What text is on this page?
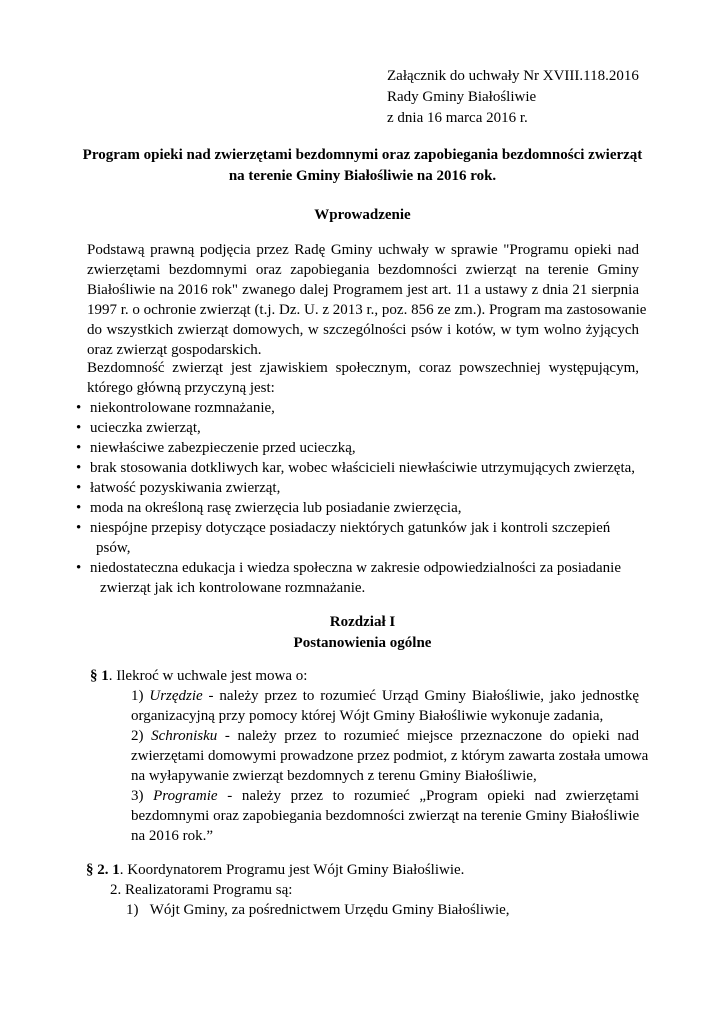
Załącznik do uchwały Nr XVIII.118.2016
Rady Gminy Białośliwie
z dnia 16 marca 2016 r.
Program opieki nad zwierzętami bezdomnymi oraz zapobiegania bezdomności zwierząt
na terenie Gminy Białośliwie na 2016 rok.
Wprowadzenie
Podstawą prawną podjęcia przez Radę Gminy uchwały w sprawie "Programu opieki nad
zwierzętami bezdomnymi oraz zapobiegania bezdomności zwierząt na terenie Gminy
Białośliwie na 2016 rok" zwanego dalej Programem jest art. 11 a ustawy z dnia 21 sierpnia
1997 r. o ochronie zwierząt (t.j. Dz. U. z 2013 r., poz. 856 ze zm.). Program ma zastosowanie
do wszystkich zwierząt domowych, w szczególności psów i kotów, w tym wolno żyjących
oraz zwierząt gospodarskich.
Bezdomność zwierząt jest zjawiskiem społecznym, coraz powszechniej występującym,
którego główną przyczyną jest:
• niekontrolowane rozmnażanie,
• ucieczka zwierząt,
• niewłaściwe zabezpieczenie przed ucieczką,
• brak stosowania dotkliwych kar, wobec właścicieli niewłaściwie utrzymujących zwierzęta,
• łatwość pozyskiwania zwierząt,
• moda na określoną rasę zwierzęcia lub posiadanie zwierzęcia,
• niespójne przepisy dotyczące posiadaczy niektórych gatunków jak i kontroli szczepień
psów,
• niedostateczna edukacja i wiedza społeczna w zakresie odpowiedzialności za posiadanie
zwierząt jak ich kontrolowane rozmnażanie.
Rozdział I
Postanowienia ogólne
§ 1. Ilekroć w uchwale jest mowa o:
1) Urzędzie - należy przez to rozumieć Urząd Gminy Białośliwie, jako jednostkę
organizacyjną przy pomocy której Wójt Gminy Białośliwie wykonuje zadania,
2) Schronisku - należy przez to rozumieć miejsce przeznaczone do opieki nad
zwierzętami domowymi prowadzone przez podmiot, z którym zawarta została umowa
na wyłapywanie zwierząt bezdomnych z terenu Gminy Białośliwie,
3) Programie - należy przez to rozumieć „Program opieki nad zwierzętami
bezdomnymi oraz zapobiegania bezdomności zwierząt na terenie Gminy Białośliwie
na 2016 rok.”
§ 2. 1. Koordynatorem Programu jest Wójt Gminy Białośliwie.
2. Realizatorami Programu są:
1) Wójt Gminy, za pośrednictwem Urzędu Gminy Białośliwie,
